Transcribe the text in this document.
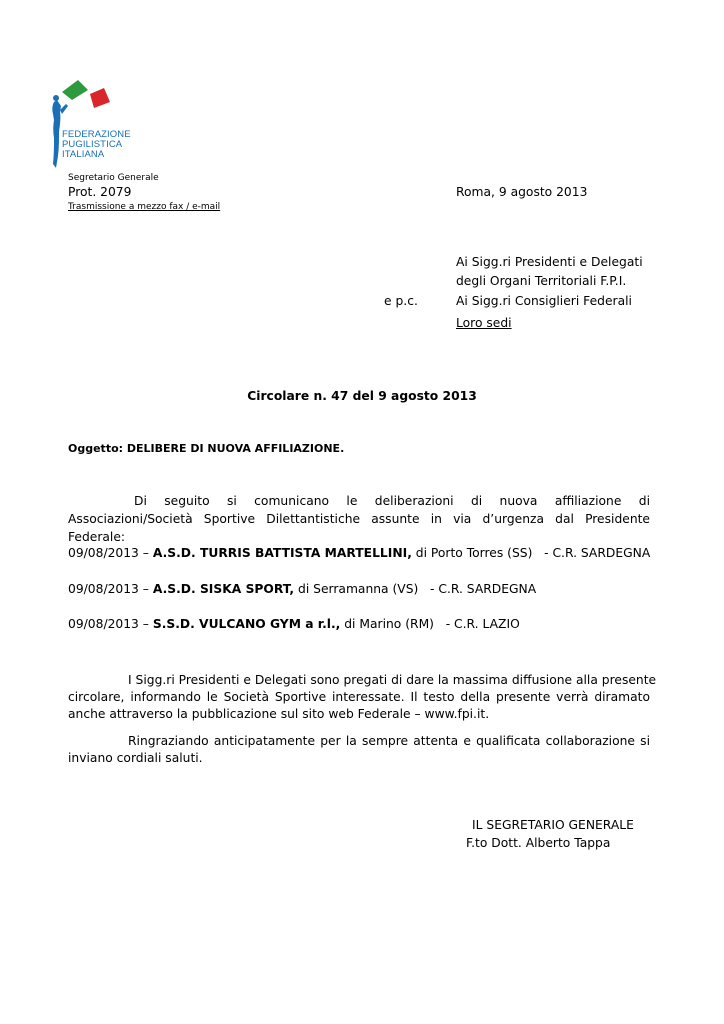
FEDERAZIONE
PUGILISTICA
ITALIANA
Segretario Generale
Prot. 2079
Trasmissione a mezzo fax / e-mail
Roma, 9 agosto 2013
Ai Sigg.ri Presidenti e Delegati
degli Organi Territoriali F.P.I.
e p.c.	Ai Sigg.ri Consiglieri Federali
Loro sedi
Circolare n. 47 del 9 agosto 2013
Oggetto: DELIBERE DI NUOVA AFFILIAZIONE.
Di seguito si comunicano le deliberazioni di nuova affiliazione di Associazioni/Società Sportive Dilettantistiche assunte in via d’urgenza dal Presidente Federale:
09/08/2013 – A.S.D. TURRIS BATTISTA MARTELLINI, di Porto Torres (SS)   - C.R. SARDEGNA
09/08/2013 – A.S.D. SISKA SPORT, di Serramanna (VS)   - C.R. SARDEGNA
09/08/2013 – S.S.D. VULCANO GYM a r.l., di Marino (RM)   - C.R. LAZIO
I Sigg.ri Presidenti e Delegati sono pregati di dare la massima diffusione alla presente
circolare, informando le Società Sportive interessate. Il testo della presente verrà diramato anche attraverso la pubblicazione sul sito web Federale – www.fpi.it.
Ringraziando anticipatamente per la sempre attenta e qualificata collaborazione si inviano cordiali saluti.
IL SEGRETARIO GENERALE
F.to Dott. Alberto Tappa
